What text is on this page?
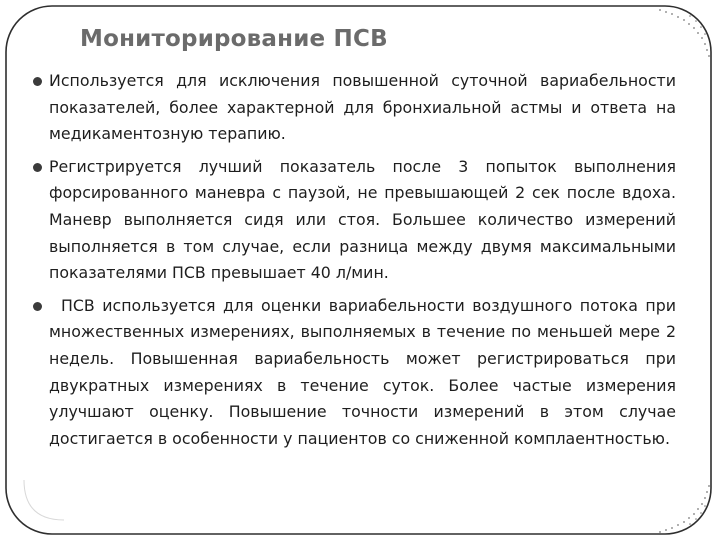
Мониторирование ПСВ

Используется для исключения повышенной суточной вариабельности показателей, более характерной для бронхиальной астмы и ответа на медикаментозную терапию.

Регистрируется лучший показатель после 3 попыток выполнения форсированного маневра с паузой, не превышающей 2 сек после вдоха. Маневр выполняется сидя или стоя. Большее количество измерений выполняется в том случае, если разница между двумя максимальными показателями ПСВ превышает 40 л/мин.

ПСВ используется для оценки вариабельности воздушного потока при множественных измерениях, выполняемых в течение по меньшей мере 2 недель. Повышенная вариабельность может регистрироваться при двукратных измерениях в течение суток. Более частые измерения улучшают оценку. Повышение точности измерений в этом случае достигается в особенности у пациентов со сниженной комплаентностью.
